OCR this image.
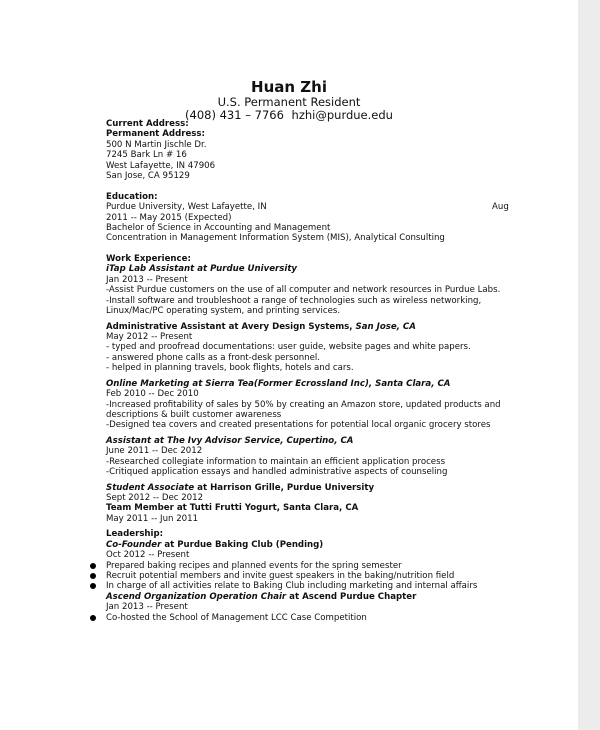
Huan Zhi
U.S. Permanent Resident
(408) 431 – 7766 hzhi@purdue.edu
Current Address:
Permanent Address:
500 N Martin Jischle Dr.
7245 Bark Ln # 16
West Lafayette, IN 47906
San Jose, CA 95129
Education:
Purdue University, West Lafayette, IN	Aug
2011 -- May 2015 (Expected)
Bachelor of Science in Accounting and Management
Concentration in Management Information System (MIS), Analytical Consulting
Work Experience:
iTap Lab Assistant at Purdue University
Jan 2013 -- Present
-Assist Purdue customers on the use of all computer and network resources in Purdue Labs.
-Install software and troubleshoot a range of technologies such as wireless networking,
Linux/Mac/PC operating system, and printing services.
Administrative Assistant at Avery Design Systems, San Jose, CA
May 2012 -- Present
- typed and proofread documentations: user guide, website pages and white papers.
- answered phone calls as a front-desk personnel.
- helped in planning travels, book flights, hotels and cars.
Online Marketing at Sierra Tea(Former Ecrossland Inc), Santa Clara, CA
Feb 2010 -- Dec 2010
-Increased profitability of sales by 50% by creating an Amazon store, updated products and
descriptions & built customer awareness
-Designed tea covers and created presentations for potential local organic grocery stores
Assistant at The Ivy Advisor Service, Cupertino, CA
June 2011 -- Dec 2012
-Researched collegiate information to maintain an efficient application process
-Critiqued application essays and handled administrative aspects of counseling
Student Associate at Harrison Grille, Purdue University
Sept 2012 -- Dec 2012
Team Member at Tutti Frutti Yogurt, Santa Clara, CA
May 2011 -- Jun 2011
Leadership:
Co-Founder at Purdue Baking Club (Pending)
Oct 2012 -- Present
Prepared baking recipes and planned events for the spring semester
Recruit potential members and invite guest speakers in the baking/nutrition field
In charge of all activities relate to Baking Club including marketing and internal affairs
Ascend Organization Operation Chair at Ascend Purdue Chapter
Jan 2013 -- Present
Co-hosted the School of Management LCC Case Competition
